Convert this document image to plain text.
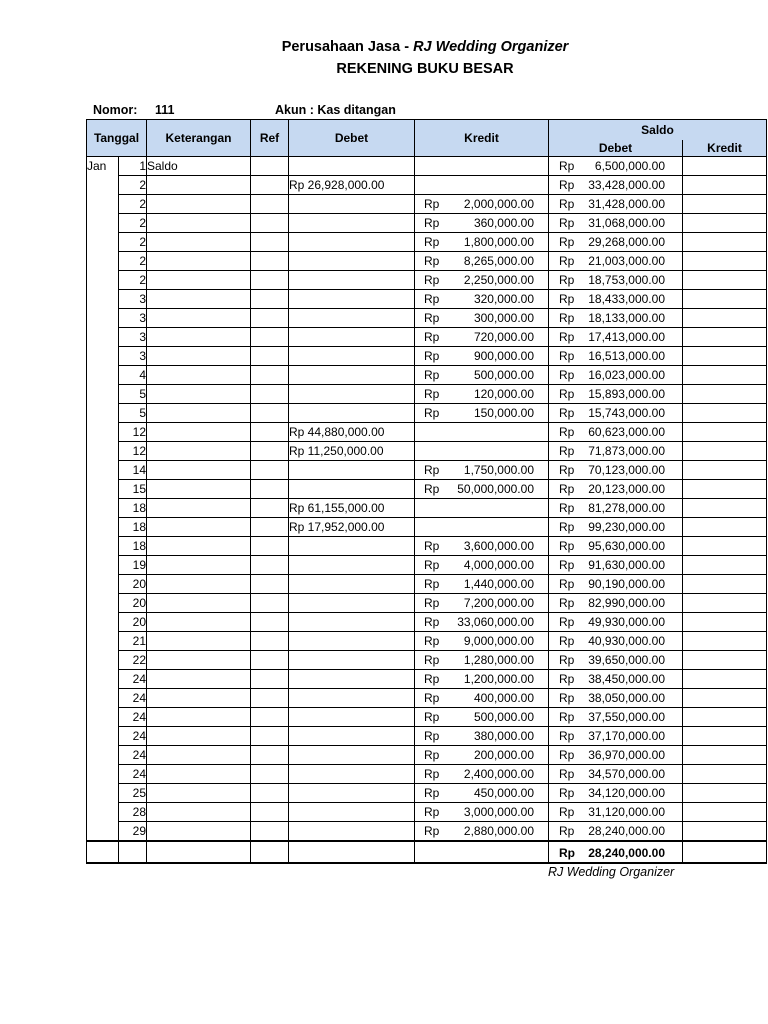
Perusahaan Jasa - RJ Wedding Organizer
REKENING BUKU BESAR
Nomor: 111	Akun : Kas ditangan
Tanggal		Keterangan	Ref	Debet	Kredit	Saldo	
						Debet	Kredit
Jan	1	Saldo				Rp 6,500,000.00	

	2			Rp 26,928,000.00		Rp 33,428,000.00	

	2				Rp 2,000,000.00	Rp 31,428,000.00	

	2				Rp 360,000.00	Rp 31,068,000.00	

	2				Rp 1,800,000.00	Rp 29,268,000.00	

	2				Rp 8,265,000.00	Rp 21,003,000.00	

	2				Rp 2,250,000.00	Rp 18,753,000.00	

	3				Rp 320,000.00	Rp 18,433,000.00	

	3				Rp 300,000.00	Rp 18,133,000.00	

	3				Rp 720,000.00	Rp 17,413,000.00	

	3				Rp 900,000.00	Rp 16,513,000.00	

	4				Rp 500,000.00	Rp 16,023,000.00	

	5				Rp 120,000.00	Rp 15,893,000.00	

	5				Rp 150,000.00	Rp 15,743,000.00	

	12			Rp 44,880,000.00		Rp 60,623,000.00	

	12			Rp 11,250,000.00		Rp 71,873,000.00	

	14				Rp 1,750,000.00	Rp 70,123,000.00	

	15				Rp 50,000,000.00	Rp 20,123,000.00	

	18			Rp 61,155,000.00		Rp 81,278,000.00	

	18			Rp 17,952,000.00		Rp 99,230,000.00	

	18				Rp 3,600,000.00	Rp 95,630,000.00	

	19				Rp 4,000,000.00	Rp 91,630,000.00	

	20				Rp 1,440,000.00	Rp 90,190,000.00	

	20				Rp 7,200,000.00	Rp 82,990,000.00	

	20				Rp 33,060,000.00	Rp 49,930,000.00	

	21				Rp 9,000,000.00	Rp 40,930,000.00	

	22				Rp 1,280,000.00	Rp 39,650,000.00	

	24				Rp 1,200,000.00	Rp 38,450,000.00	

	24				Rp 400,000.00	Rp 38,050,000.00	

	24				Rp 500,000.00	Rp 37,550,000.00	

	24				Rp 380,000.00	Rp 37,170,000.00	

	24				Rp 200,000.00	Rp 36,970,000.00	

	24				Rp 2,400,000.00	Rp 34,570,000.00	

	25				Rp 450,000.00	Rp 34,120,000.00	

	28				Rp 3,000,000.00	Rp 31,120,000.00	

	29				Rp 2,880,000.00	Rp 28,240,000.00	

						Rp 28,240,000.00	

RJ Wedding Organizer
